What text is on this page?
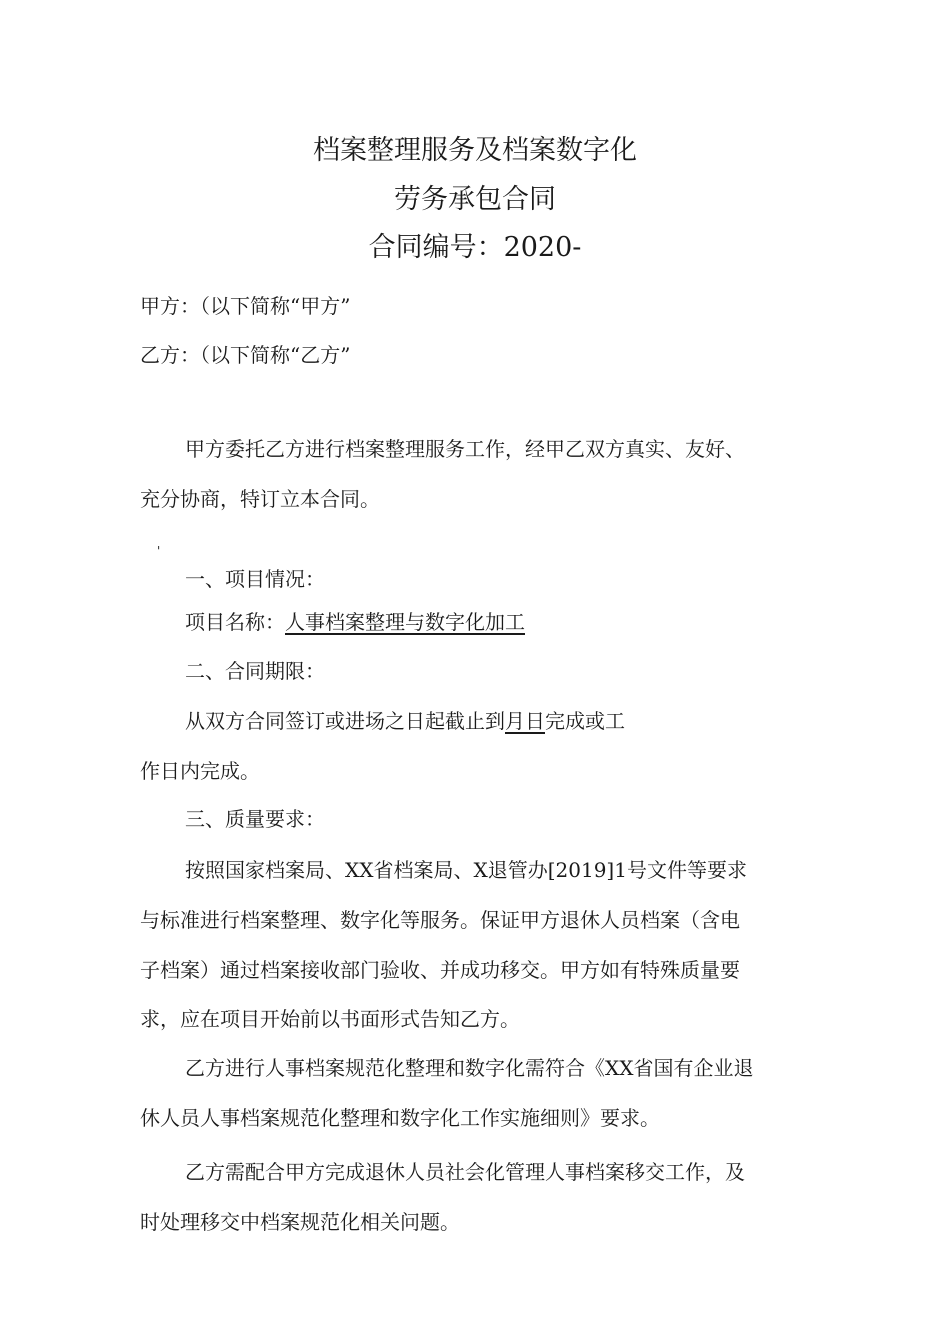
档案整理服务及档案数字化
劳务承包合同
合同编号：2020-
甲方：（以下简称“甲方”
乙方：（以下简称“乙方”
甲方委托乙方进行档案整理服务工作，经甲乙双方真实、友好、
充分协商，特订立本合同。
'
一、项目情况：
项目名称：人事档案整理与数字化加工
二、合同期限：
从双方合同签订或进场之日起截止到月日完成或工
作日内完成。
三、质量要求：
按照国家档案局、XX省档案局、X退管办[2019]1号文件等要求
与标准进行档案整理、数字化等服务。保证甲方退休人员档案（含电
子档案）通过档案接收部门验收、并成功移交。甲方如有特殊质量要
求，应在项目开始前以书面形式告知乙方。
乙方进行人事档案规范化整理和数字化需符合《XX省国有企业退
休人员人事档案规范化整理和数字化工作实施细则》要求。
乙方需配合甲方完成退休人员社会化管理人事档案移交工作，及
时处理移交中档案规范化相关问题。
